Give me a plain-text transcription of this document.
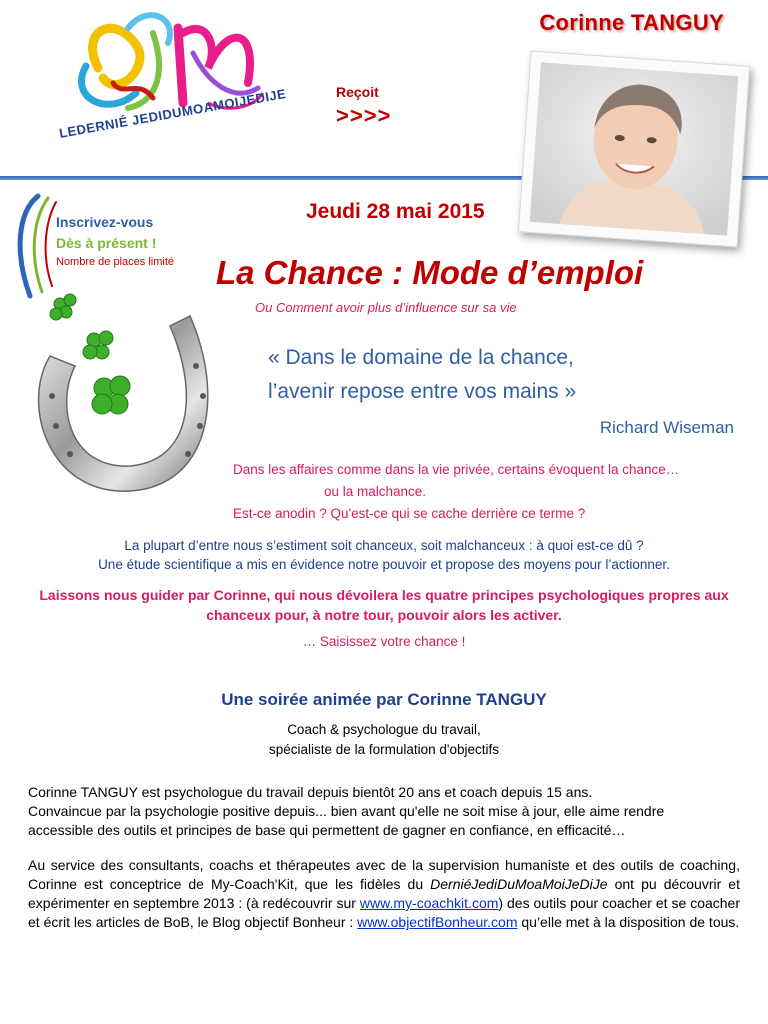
LEDERNIÉ JEDIDUMOAMOIJEDIJE
Corinne TANGUY
Reçoit
>>>>
Inscrivez-vous
Dès à présent !
Nombre de places limité
Jeudi 28 mai 2015
La Chance : Mode d’emploi
Ou Comment avoir plus d’influence sur sa vie
« Dans le domaine de la chance,
l’avenir repose entre vos mains »
Richard Wiseman
Dans les affaires comme dans la vie privée, certains évoquent la chance…
ou la malchance.
Est-ce anodin ? Qu'est-ce qui se cache derrière ce terme ?
La plupart d’entre nous s’estiment soit chanceux, soit malchanceux : à quoi est-ce dû ?
Une étude scientifique a mis en évidence notre pouvoir et propose des moyens pour l’actionner.
Laissons nous guider par Corinne, qui nous dévoilera les quatre principes psychologiques propres aux chanceux pour, à notre tour, pouvoir alors les activer.
… Saisissez votre chance !
Une soirée animée par Corinne TANGUY
Coach & psychologue du travail,
spécialiste de la formulation d'objectifs
Corinne TANGUY est psychologue du travail depuis bientôt 20 ans et coach depuis 15 ans.
Convaincue par la psychologie positive depuis... bien avant qu'elle ne soit mise à jour, elle aime rendre
accessible des outils et principes de base qui permettent de gagner en confiance, en efficacité…
Au service des consultants, coachs et thérapeutes avec de la supervision humaniste et des outils de coaching, Corinne est conceptrice de My-Coach'Kit, que les fidèles du DerniéJediDuMoaMoiJeDiJe ont pu découvrir et expérimenter en septembre 2013 : (à redécouvrir sur www.my-coachkit.com) des outils pour coacher et se coacher et écrit les articles de BoB, le Blog objectif Bonheur : www.objectifBonheur.com qu’elle met à la disposition de tous.
